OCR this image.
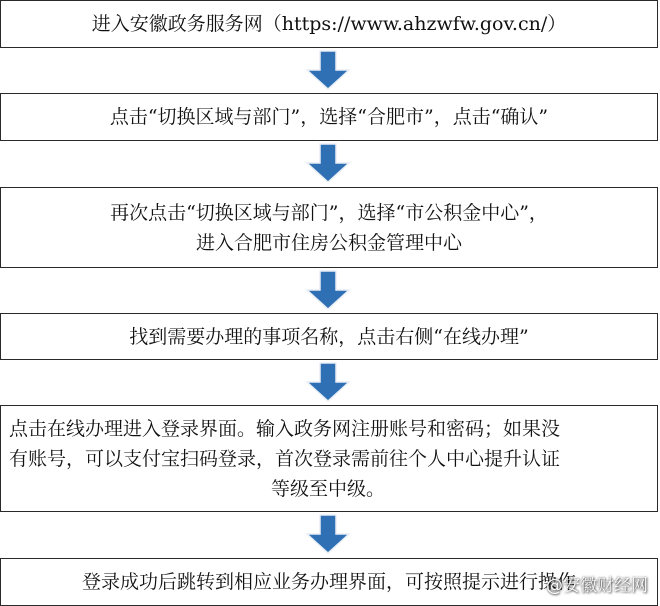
进入安徽政务服务网（https://www.ahzwfw.gov.cn/）
点击“切换区域与部门”，选择“合肥市”，点击“确认”
再次点击“切换区域与部门”，选择“市公积金中心”，
进入合肥市住房公积金管理中心
找到需要办理的事项名称，点击右侧“在线办理”
点击在线办理进入登录界面。输入政务网注册账号和密码；如果没
有账号，可以支付宝扫码登录，首次登录需前往个人中心提升认证
等级至中级。
登录成功后跳转到相应业务办理界面，可按照提示进行操作
@安徽财经网
